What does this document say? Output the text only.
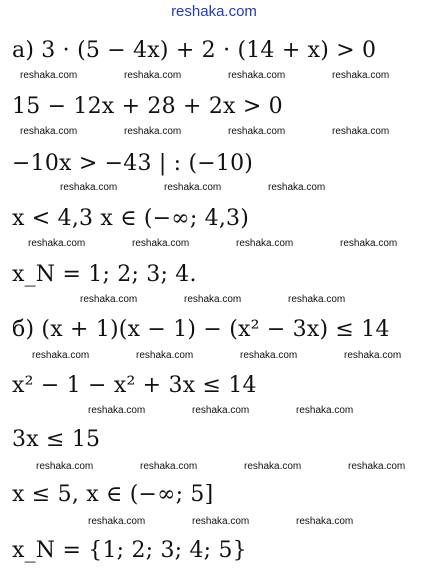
reshaka.com
а) 3 · (5 − 4x) + 2 · (14 + x) > 0
15 − 12x + 28 + 2x > 0
−10x > −43 | : (−10)
x < 4,3 x ∈ (−∞; 4,3)
x_N = 1; 2; 3; 4.
б) (x + 1)(x − 1) − (x² − 3x) ≤ 14
x² − 1 − x² + 3x ≤ 14
3x ≤ 15
x ≤ 5, x ∈ (−∞; 5]
x_N = {1; 2; 3; 4; 5}
reshaka.com	reshaka.com	reshaka.com	reshaka.com
reshaka.com	reshaka.com	reshaka.com	reshaka.com
reshaka.com	reshaka.com	reshaka.com
reshaka.com	reshaka.com	reshaka.com	reshaka.com
reshaka.com	reshaka.com	reshaka.com
reshaka.com	reshaka.com	reshaka.com	reshaka.com
reshaka.com	reshaka.com	reshaka.com
reshaka.com	reshaka.com	reshaka.com	reshaka.com
reshaka.com	reshaka.com	reshaka.com
